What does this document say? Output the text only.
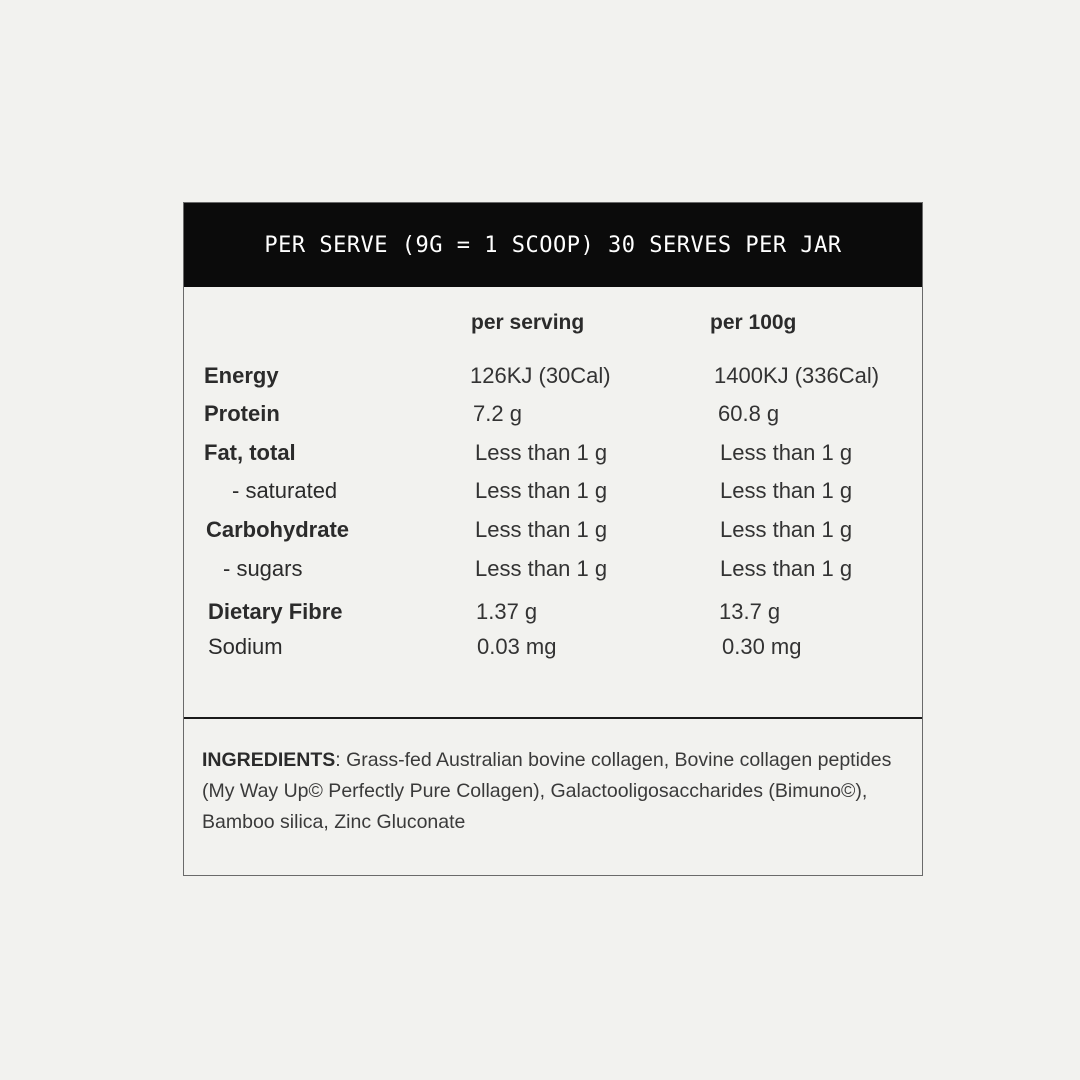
PER SERVE (9G = 1 SCOOP) 30 SERVES PER JAR
per serving	per 100g
Energy	126KJ (30Cal)	1400KJ (336Cal)
Protein	7.2 g	60.8 g
Fat, total	Less than 1 g	Less than 1 g
- saturated	Less than 1 g	Less than 1 g
Carbohydrate	Less than 1 g	Less than 1 g
- sugars	Less than 1 g	Less than 1 g
Dietary Fibre	1.37 g	13.7 g
Sodium	0.03 mg	0.30 mg
INGREDIENTS: Grass-fed Australian bovine collagen, Bovine collagen peptides (My Way Up© Perfectly Pure Collagen), Galactooligosaccharides (Bimuno©), Bamboo silica, Zinc Gluconate
